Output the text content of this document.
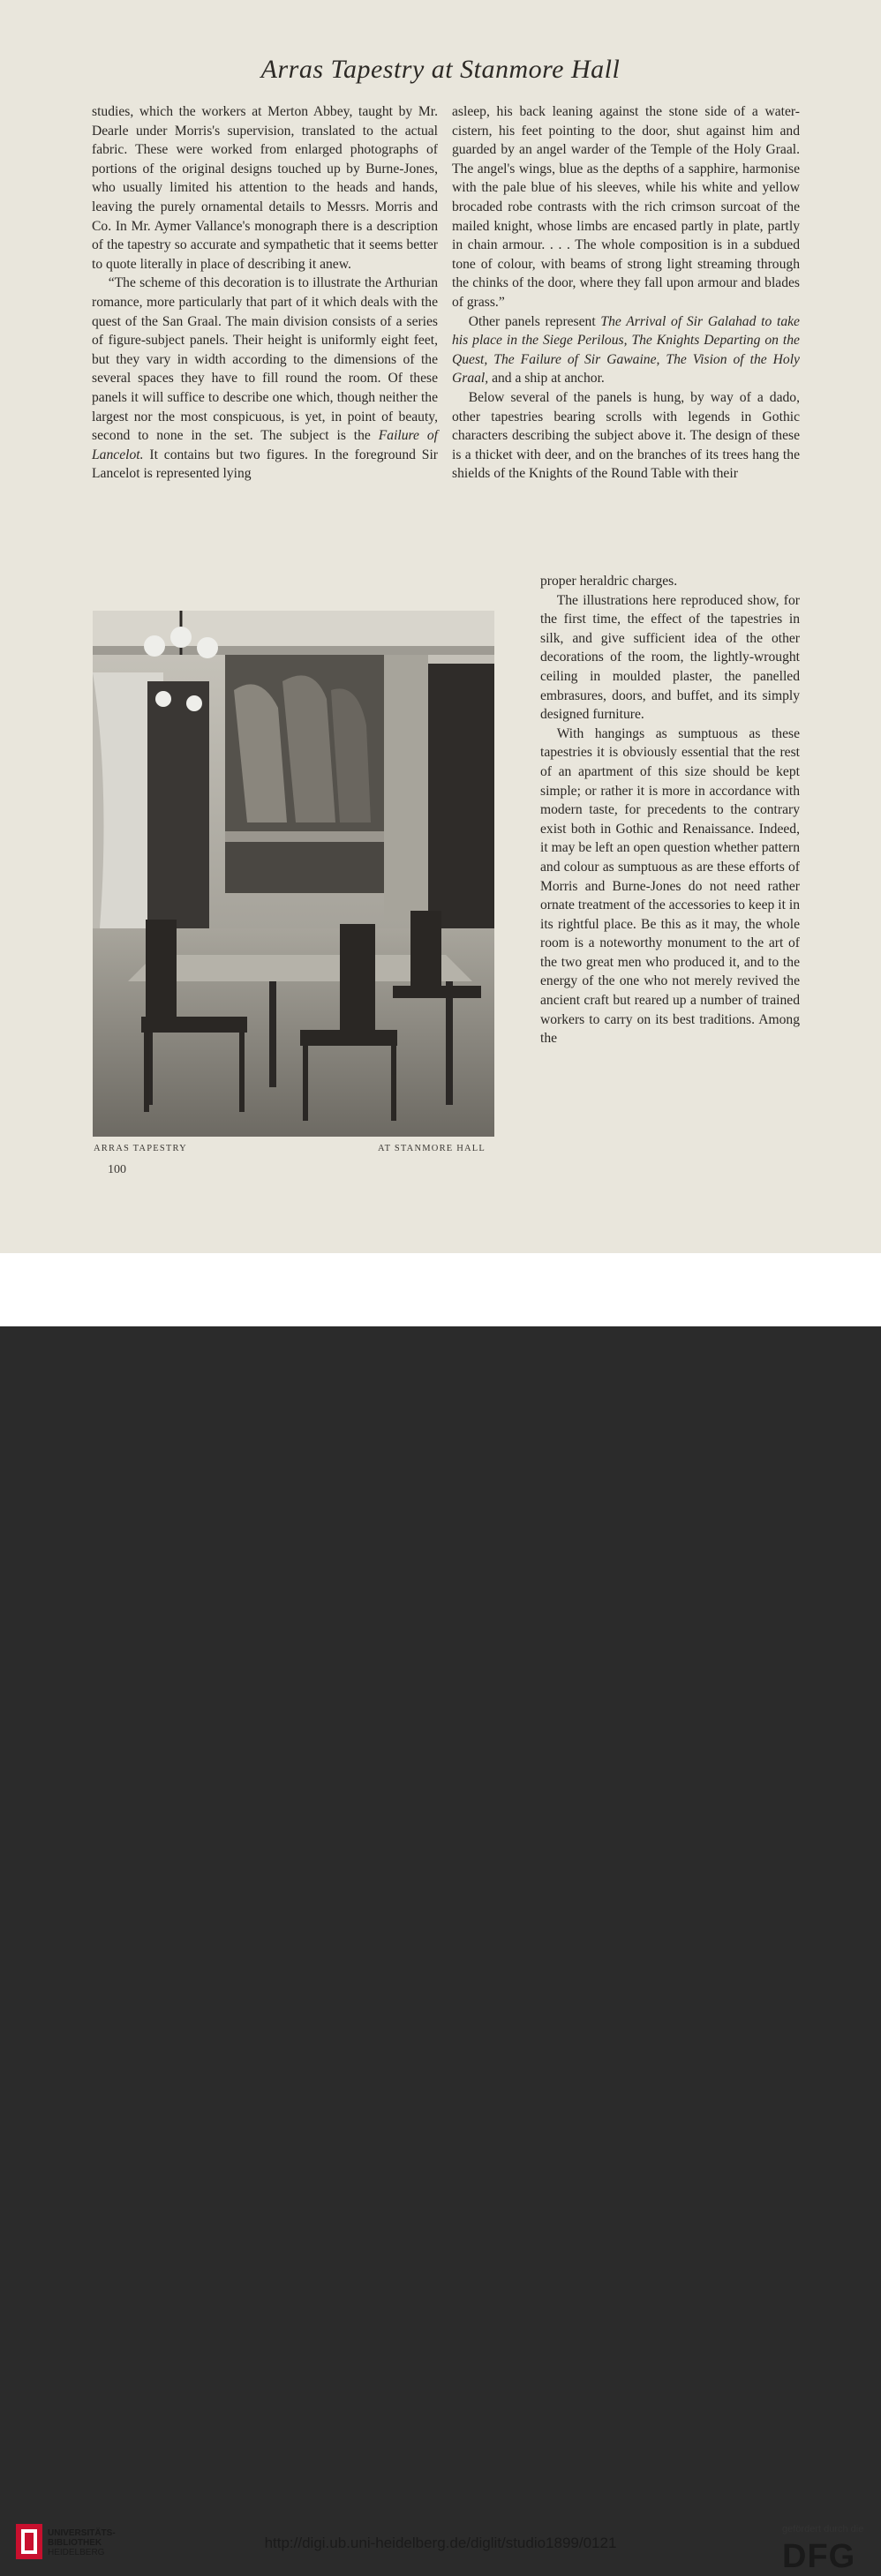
Arras Tapestry at Stanmore Hall

studies, which the workers at Merton Abbey, taught by Mr. Dearle under Morris's supervision, translated to the actual fabric. These were worked from enlarged photographs of portions of the original designs touched up by Burne-Jones, who usually limited his attention to the heads and hands, leaving the purely ornamental details to Messrs. Morris and Co. In Mr. Aymer Vallance's monograph there is a description of the tapestry so accurate and sympathetic that it seems better to quote literally in place of describing it anew.

“The scheme of this decoration is to illustrate the Arthurian romance, more particularly that part of it which deals with the quest of the San Graal. The main division consists of a series of figure-subject panels. Their height is uniformly eight feet, but they vary in width according to the dimensions of the several spaces they have to fill round the room. Of these panels it will suffice to describe one which, though neither the largest nor the most conspicuous, is yet, in point of beauty, second to none in the set. The subject is the Failure of Lancelot. It contains but two figures. In the foreground Sir Lancelot is represented lying

asleep, his back leaning against the stone side of a water-cistern, his feet pointing to the door, shut against him and guarded by an angel warder of the Temple of the Holy Graal. The angel's wings, blue as the depths of a sapphire, harmonise with the pale blue of his sleeves, while his white and yellow brocaded robe contrasts with the rich crimson surcoat of the mailed knight, whose limbs are encased partly in plate, partly in chain armour. . . . The whole composition is in a subdued tone of colour, with beams of strong light streaming through the chinks of the door, where they fall upon armour and blades of grass.”

Other panels represent The Arrival of Sir Galahad to take his place in the Siege Perilous, The Knights Departing on the Quest, The Failure of Sir Gawaine, The Vision of the Holy Graal, and a ship at anchor.

Below several of the panels is hung, by way of a dado, other tapestries bearing scrolls with legends in Gothic characters describing the subject above it. The design of these is a thicket with deer, and on the branches of its trees hang the shields of the Knights of the Round Table with their

proper heraldric charges.

The illustrations here reproduced show, for the first time, the effect of the tapestries in silk, and give sufficient idea of the other decorations of the room, the lightly-wrought ceiling in moulded plaster, the panelled embrasures, doors, and buffet, and its simply designed furniture.

With hangings as sumptuous as these tapestries it is obviously essential that the rest of an apartment of this size should be kept simple; or rather it is more in accordance with modern taste, for precedents to the contrary exist both in Gothic and Renaissance. Indeed, it may be left an open question whether pattern and colour as sumptuous as are these efforts of Morris and Burne-Jones do not need rather ornate treatment of the accessories to keep it in its rightful place. Be this as it may, the whole room is a noteworthy monument to the art of the two great men who produced it, and to the energy of the one who not merely revived the ancient craft but reared up a number of trained workers to carry on its best traditions. Among the

ARRAS TAPESTRY	AT STANMORE HALL
100
UNIVERSITÄTS-
BIBLIOTHEK
HEIDELBERG
http://digi.ub.uni-heidelberg.de/diglit/studio1899/0121
gefördert durch die
DFG
